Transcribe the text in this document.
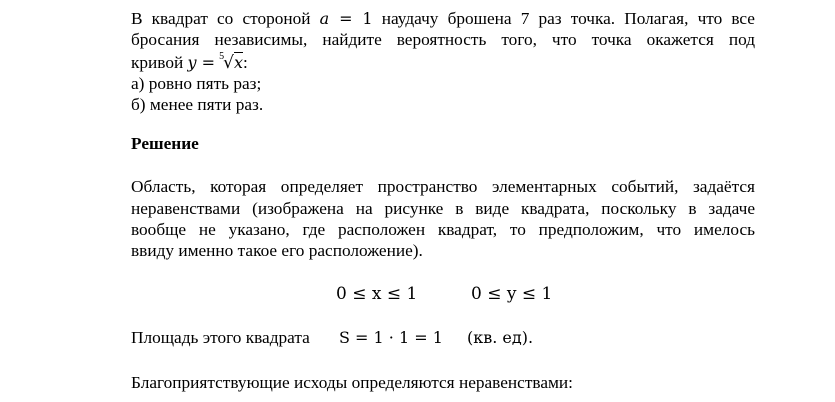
В квадрат со стороной a = 1 наудачу брошена 7 раз точка. Полагая, что все
бросания независимы, найдите вероятность того, что точка окажется под
кривой y = 5 √x:
а) ровно пять раз;
б) менее пяти раз.
Решение
Область, которая определяет пространство элементарных событий, задаётся
неравенствами (изображена на рисунке в виде квадрата, поскольку в задаче
вообще не указано, где расположен квадрат, то предположим, что имелось
ввиду именно такое его расположение).
0 ≤ x ≤ 1	0 ≤ y ≤ 1
Площадь этого квадрата S = 1 · 1 = 1 (кв. ед).
Благоприятствующие исходы определяются неравенствами:
